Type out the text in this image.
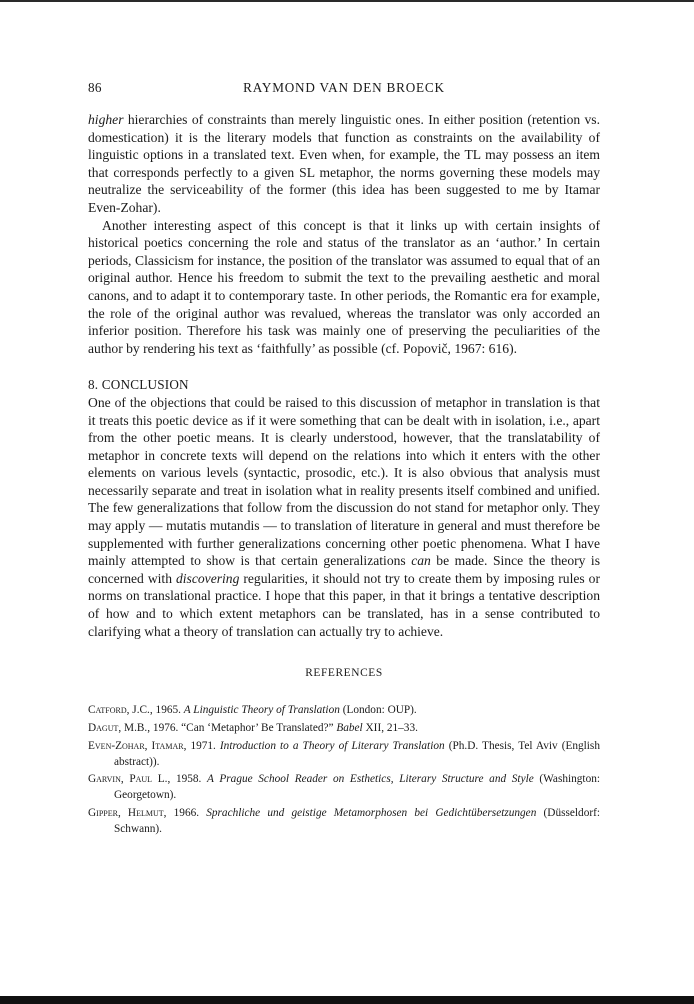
86	RAYMOND VAN DEN BROECK

higher hierarchies of constraints than merely linguistic ones. In either position (retention vs. domestication) it is the literary models that function as constraints on the availability of linguistic options in a translated text. Even when, for example, the TL may possess an item that corresponds perfectly to a given SL metaphor, the norms governing these models may neutralize the serviceability of the former (this idea has been suggested to me by Itamar Even-Zohar).

Another interesting aspect of this concept is that it links up with certain insights of historical poetics concerning the role and status of the translator as an ‘author.’ In certain periods, Classicism for instance, the position of the translator was assumed to equal that of an original author. Hence his freedom to submit the text to the prevailing aesthetic and moral canons, and to adapt it to contemporary taste. In other periods, the Romantic era for example, the role of the original author was revalued, whereas the translator was only accorded an inferior position. Therefore his task was mainly one of preserving the peculiarities of the author by rendering his text as ‘faithfully’ as possible (cf. Popovič, 1967: 616).

8. CONCLUSION

One of the objections that could be raised to this discussion of metaphor in translation is that it treats this poetic device as if it were something that can be dealt with in isolation, i.e., apart from the other poetic means. It is clearly understood, however, that the translatability of metaphor in concrete texts will depend on the relations into which it enters with the other elements on various levels (syntactic, prosodic, etc.). It is also obvious that analysis must necessarily separate and treat in isolation what in reality presents itself combined and unified. The few generalizations that follow from the discussion do not stand for metaphor only. They may apply — mutatis mutandis — to translation of literature in general and must therefore be supplemented with further generalizations concerning other poetic phenomena. What I have mainly attempted to show is that certain generalizations can be made. Since the theory is concerned with discovering regularities, it should not try to create them by imposing rules or norms on translational practice. I hope that this paper, in that it brings a tentative description of how and to which extent metaphors can be translated, has in a sense contributed to clarifying what a theory of translation can actually try to achieve.

REFERENCES
Catford, J.C., 1965. A Linguistic Theory of Translation (London: OUP).
Dagut, M.B., 1976. “Can ‘Metaphor’ Be Translated?” Babel XII, 21–33.
Even-Zohar, Itamar, 1971. Introduction to a Theory of Literary Translation (Ph.D. Thesis, Tel Aviv (English abstract)).
Garvin, Paul L., 1958. A Prague School Reader on Esthetics, Literary Structure and Style (Washington: Georgetown).
Gipper, Helmut, 1966. Sprachliche und geistige Metamorphosen bei Gedichtübersetzungen (Düsseldorf: Schwann).
